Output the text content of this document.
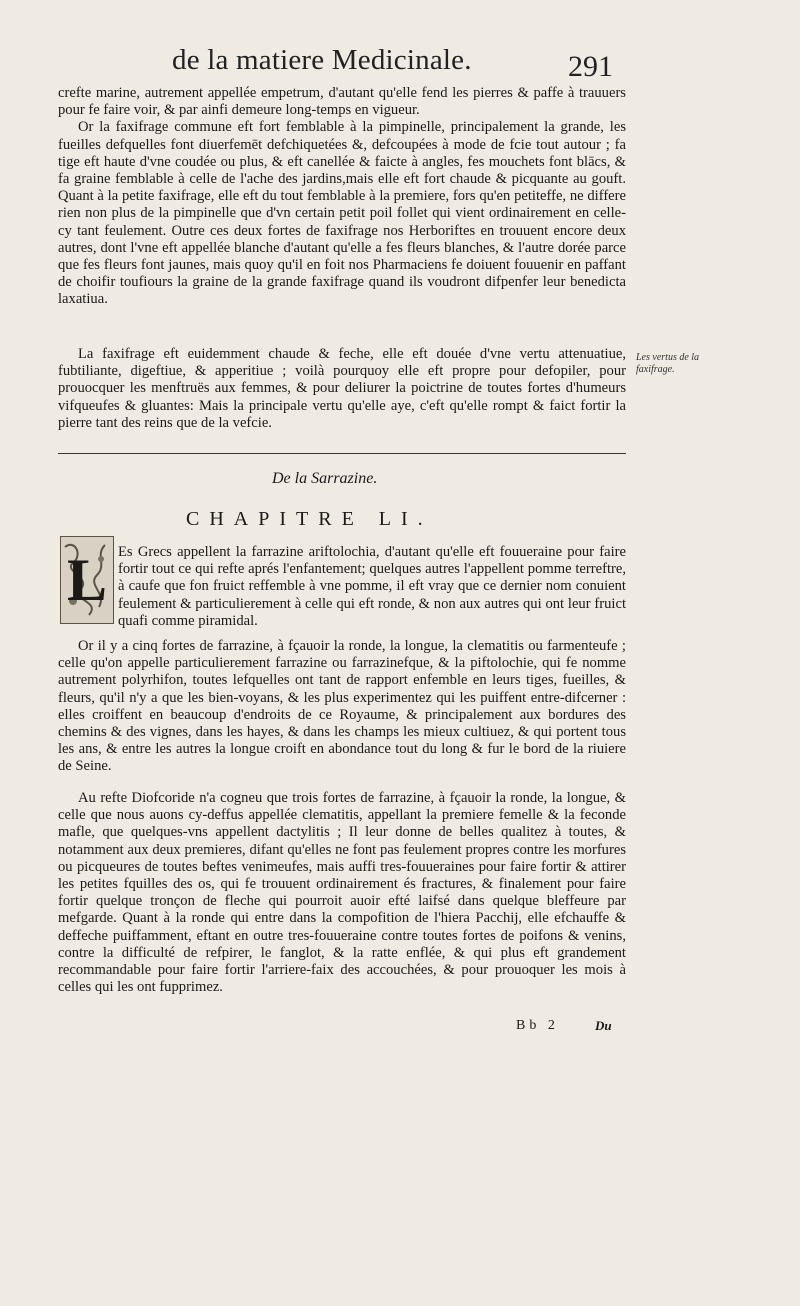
de la matiere Medicinale.	291

crefte marine, autrement appellée empetrum, d'autant qu'elle fend les pierres & paffe à trauuers pour fe faire voir, & par ainfi demeure long-temps en vigueur.

Or la faxifrage commune eft fort femblable à la pimpinelle, principalement la grande, les fueilles defquelles font diuerfemēt defchiquetées &, defcoupées à mode de fcie tout autour ; fa tige eft haute d'vne coudée ou plus, & eft canellée & faicte à angles, fes mouchets font blācs, & fa graine femblable à celle de l'ache des jardins,mais elle eft fort chaude & picquante au gouft. Quant à la petite faxifrage, elle eft du tout femblable à la premiere, fors qu'en petiteffe, ne differe rien non plus de la pimpinelle que d'vn certain petit poil follet qui vient ordinairement en celle-cy tant feulement. Outre ces deux fortes de faxifrage nos Herboriftes en trouuent encore deux autres, dont l'vne eft appellée blanche d'autant qu'elle a fes fleurs blanches, & l'autre dorée parce que fes fleurs font jaunes, mais quoy qu'il en foit nos Pharmaciens fe doiuent fouuenir en paffant de choifir toufiours la graine de la grande faxifrage quand ils voudront difpenfer leur benedicta laxatiua.

La faxifrage eft euidemment chaude & feche, elle eft douée d'vne vertu attenuatiue, fubtiliante, digeftiue, & apperitiue ; voilà pourquoy elle eft propre pour defopiler, pour prouocquer les menftruës aux femmes, & pour deliurer la poictrine de toutes fortes d'humeurs vifqueufes & gluantes: Mais la principale vertu qu'elle aye, c'eft qu'elle rompt & faict fortir la pierre tant des reins que de la vefcie.

Les vertus de la faxifrage.
De la Sarrazine.
CHAPITRE LI.
L Es Grecs appellent la farrazine ariftolochia, d'autant qu'elle eft fouueraine pour faire fortir tout ce qui refte aprés l'enfantement; quelques autres l'appellent pomme terreftre, à caufe que fon fruict reffemble à vne pomme, il eft vray que ce dernier nom conuient feulement & particulierement à celle qui eft ronde, & non aux autres qui ont leur fruict quafi comme piramidal.

Or il y a cinq fortes de farrazine, à fçauoir la ronde, la longue, la clematitis ou farmenteufe ; celle qu'on appelle particulierement farrazine ou farrazinefque, & la piftolochie, qui fe nomme autrement polyrhifon, toutes lefquelles ont tant de rapport enfemble en leurs tiges, fueilles, & fleurs, qu'il n'y a que les bien-voyans, & les plus experimentez qui les puiffent entre-difcerner : elles croiffent en beaucoup d'endroits de ce Royaume, & principalement aux bordures des chemins & des vignes, dans les hayes, & dans les champs les mieux cultiuez, & qui portent tous les ans, & entre les autres la longue croift en abondance tout du long & fur le bord de la riuiere de Seine.

Au refte Diofcoride n'a cogneu que trois fortes de farrazine, à fçauoir la ronde, la longue, & celle que nous auons cy-deffus appellée clematitis, appellant la premiere femelle & la feconde mafle, que quelques-vns appellent dactylitis ; Il leur donne de belles qualitez à toutes, & notamment aux deux premieres, difant qu'elles ne font pas feulement propres contre les morfures ou picqueures de toutes beftes venimeufes, mais auffi tres-fouueraines pour faire fortir & attirer les petites fquilles des os, qui fe trouuent ordinairement és fractures, & finalement pour faire fortir quelque tronçon de fleche qui pourroit auoir efté laifsé dans quelque bleffeure par mefgarde. Quant à la ronde qui entre dans la compofition de l'hiera Pacchij, elle efchauffe & deffeche puiffamment, eftant en outre tres-fouueraine contre toutes fortes de poifons & venins, contre la difficulté de refpirer, le fanglot, & la ratte enflée, & qui plus eft grandement recommandable pour faire fortir l'arriere-faix des accouchées, & pour prouoquer les mois à celles qui les ont fupprimez.

Bb 2	Du
